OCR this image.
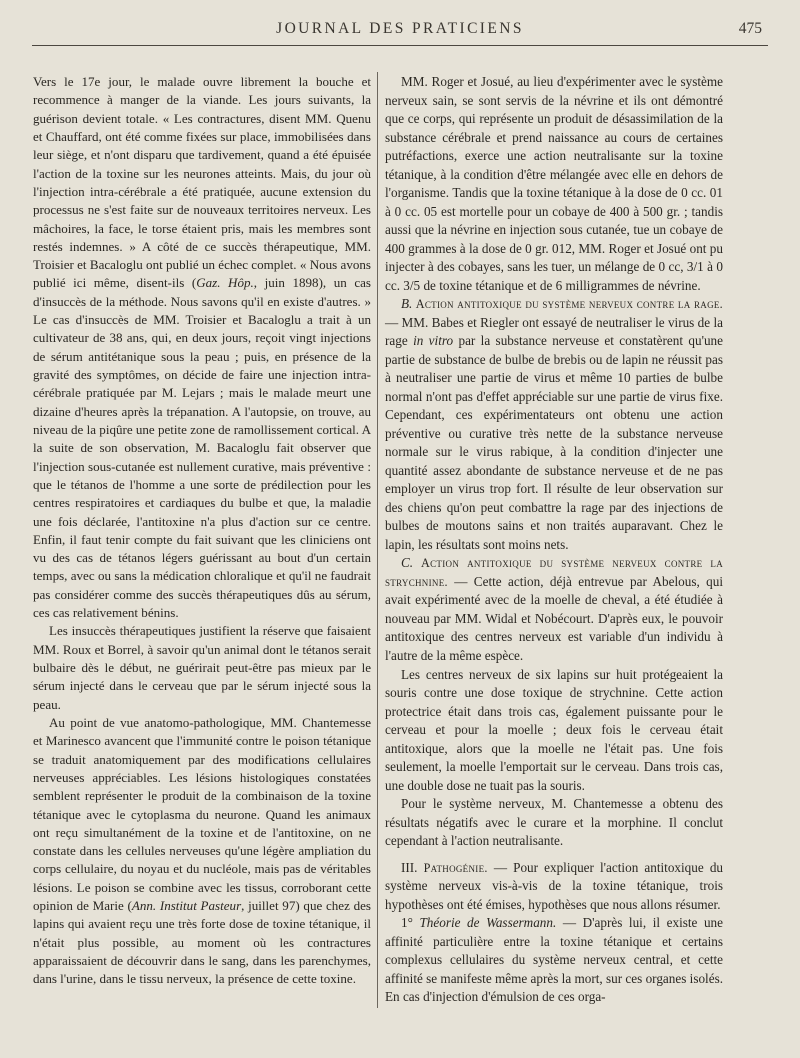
JOURNAL DES PRATICIENS	475

Vers le 17e jour, le malade ouvre librement la bouche et recommence à manger de la viande. Les jours suivants, la guérison devient totale. « Les contractures, disent MM. Quenu et Chauffard, ont été comme fixées sur place, immobilisées dans leur siège, et n'ont disparu que tardivement, quand a été épuisée l'action de la toxine sur les neurones atteints. Mais, du jour où l'injection intra-cérébrale a été pratiquée, aucune extension du processus ne s'est faite sur de nouveaux territoires nerveux. Les mâchoires, la face, le torse étaient pris, mais les membres sont restés indemnes. » A côté de ce succès thérapeutique, MM. Troisier et Bacaloglu ont publié un échec complet. « Nous avons publié ici même, disent-ils (Gaz. Hôp., juin 1898), un cas d'insuccès de la méthode. Nous savons qu'il en existe d'autres. » Le cas d'insuccès de MM. Troisier et Bacaloglu a trait à un cultivateur de 38 ans, qui, en deux jours, reçoit vingt injections de sérum antitétanique sous la peau ; puis, en présence de la gravité des symptômes, on décide de faire une injection intra-cérébrale pratiquée par M. Lejars ; mais le malade meurt une dizaine d'heures après la trépanation. A l'autopsie, on trouve, au niveau de la piqûre une petite zone de ramollissement cortical. A la suite de son observation, M. Bacaloglu fait observer que l'injection sous-cutanée est nullement curative, mais préventive : que le tétanos de l'homme a une sorte de prédilection pour les centres respiratoires et cardiaques du bulbe et que, la maladie une fois déclarée, l'antitoxine n'a plus d'action sur ce centre. Enfin, il faut tenir compte du fait suivant que les cliniciens ont vu des cas de tétanos légers guérissant au bout d'un certain temps, avec ou sans la médication chloralique et qu'il ne faudrait pas considérer comme des succès thérapeutiques dûs au sérum, ces cas relativement bénins.

Les insuccès thérapeutiques justifient la réserve que faisaient MM. Roux et Borrel, à savoir qu'un animal dont le tétanos serait bulbaire dès le début, ne guérirait peut-être pas mieux par le sérum injecté dans le cerveau que par le sérum injecté sous la peau.

Au point de vue anatomo-pathologique, MM. Chantemesse et Marinesco avancent que l'immunité contre le poison tétanique se traduit anatomiquement par des modifications cellulaires nerveuses appréciables. Les lésions histologiques constatées semblent représenter le produit de la combinaison de la toxine tétanique avec le cytoplasma du neurone. Quand les animaux ont reçu simultanément de la toxine et de l'antitoxine, on ne constate dans les cellules nerveuses qu'une légère ampliation du corps cellulaire, du noyau et du nucléole, mais pas de véritables lésions. Le poison se combine avec les tissus, corroborant cette opinion de Marie (Ann. Institut Pasteur, juillet 97) que chez des lapins qui avaient reçu une très forte dose de toxine tétanique, il n'était plus possible, au moment où les contractures apparaissaient de découvrir dans le sang, dans les parenchymes, dans l'urine, dans le tissu nerveux, la présence de cette toxine.

MM. Roger et Josué, au lieu d'expérimenter avec le système nerveux sain, se sont servis de la névrine et ils ont démontré que ce corps, qui représente un produit de désassimilation de la substance cérébrale et prend naissance au cours de certaines putréfactions, exerce une action neutralisante sur la toxine tétanique, à la condition d'être mélangée avec elle en dehors de l'organisme. Tandis que la toxine tétanique à la dose de 0 cc. 01 à 0 cc. 05 est mortelle pour un cobaye de 400 à 500 gr. ; tandis aussi que la névrine en injection sous cutanée, tue un cobaye de 400 grammes à la dose de 0 gr. 012, MM. Roger et Josué ont pu injecter à des cobayes, sans les tuer, un mélange de 0 cc, 3/1 à 0 cc. 3/5 de toxine tétanique et de 6 milligrammes de névrine.

B. Action antitoxique du système nerveux contre la rage. — MM. Babes et Riegler ont essayé de neutraliser le virus de la rage in vitro par la substance nerveuse et constatèrent qu'une partie de substance de bulbe de brebis ou de lapin ne réussit pas à neutraliser une partie de virus et même 10 parties de bulbe normal n'ont pas d'effet appréciable sur une partie de virus fixe. Cependant, ces expérimentateurs ont obtenu une action préventive ou curative très nette de la substance nerveuse normale sur le virus rabique, à la condition d'injecter une quantité assez abondante de substance nerveuse et de ne pas employer un virus trop fort. Il résulte de leur observation sur des chiens qu'on peut combattre la rage par des injections de bulbes de moutons sains et non traités auparavant. Chez le lapin, les résultats sont moins nets.

C. Action antitoxique du système nerveux contre la strychnine. — Cette action, déjà entrevue par Abelous, qui avait expérimenté avec de la moelle de cheval, a été étudiée à nouveau par MM. Widal et Nobécourt. D'après eux, le pouvoir antitoxique des centres nerveux est variable d'un individu à l'autre de la même espèce.

Les centres nerveux de six lapins sur huit protégeaient la souris contre une dose toxique de strychnine. Cette action protectrice était dans trois cas, également puissante pour le cerveau et pour la moelle ; deux fois le cerveau était antitoxique, alors que la moelle ne l'était pas. Une fois seulement, la moelle l'emportait sur le cerveau. Dans trois cas, une double dose ne tuait pas la souris.

Pour le système nerveux, M. Chantemesse a obtenu des résultats négatifs avec le curare et la morphine. Il conclut cependant à l'action neutralisante.

III. Pathogénie. — Pour expliquer l'action antitoxique du système nerveux vis-à-vis de la toxine tétanique, trois hypothèses ont été émises, hypothèses que nous allons résumer.

1° Théorie de Wassermann. — D'après lui, il existe une affinité particulière entre la toxine tétanique et certains complexus cellulaires du système nerveux central, et cette affinité se manifeste même après la mort, sur ces organes isolés. En cas d'injection d'émulsion de ces orga-
